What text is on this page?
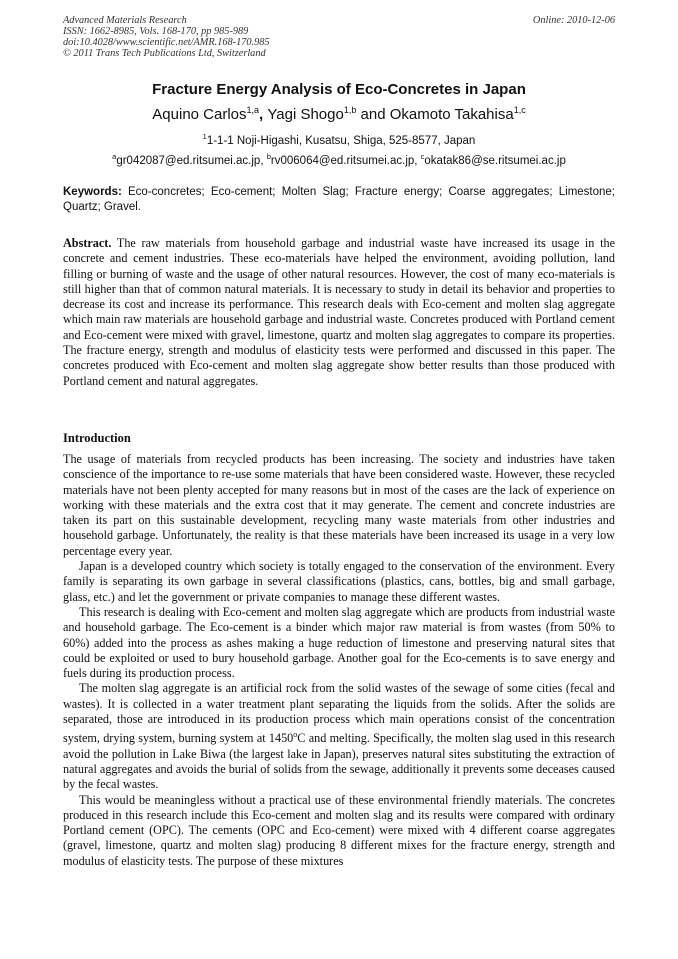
Advanced Materials Research
ISSN: 1662-8985, Vols. 168-170, pp 985-989
doi:10.4028/www.scientific.net/AMR.168-170.985
© 2011 Trans Tech Publications Ltd, Switzerland
Online: 2010-12-06
Fracture Energy Analysis of Eco-Concretes in Japan
Aquino Carlos$^{1,a}$, Yagi Shogo$^{1,b}$ and Okamoto Takahisa$^{1,c}$
$^1$1-1-1 Noji-Higashi, Kusatsu, Shiga, 525-8577, Japan
$^a$gr042087@ed.ritsumei.ac.jp, $^b$rv006064@ed.ritsumei.ac.jp, $^c$okatak86@se.ritsumei.ac.jp
Keywords: Eco-concretes; Eco-cement; Molten Slag; Fracture energy; Coarse aggregates; Limestone; Quartz; Gravel.

Abstract. The raw materials from household garbage and industrial waste have increased its usage in the concrete and cement industries. These eco-materials have helped the environment, avoiding pollution, land filling or burning of waste and the usage of other natural resources. However, the cost of many eco-materials is still higher than that of common natural materials. It is necessary to study in detail its behavior and properties to decrease its cost and increase its performance. This research deals with Eco-cement and molten slag aggregate which main raw materials are household garbage and industrial waste. Concretes produced with Portland cement and Eco-cement were mixed with gravel, limestone, quartz and molten slag aggregates to compare its properties. The fracture energy, strength and modulus of elasticity tests were performed and discussed in this paper. The concretes produced with Eco-cement and molten slag aggregate show better results than those produced with Portland cement and natural aggregates.

Introduction

The usage of materials from recycled products has been increasing. The society and industries have taken conscience of the importance to re-use some materials that have been considered waste. However, these recycled materials have not been plenty accepted for many reasons but in most of the cases are the lack of experience on working with these materials and the extra cost that it may generate. The cement and concrete industries are taken its part on this sustainable development, recycling many waste materials from other industries and household garbage. Unfortunately, the reality is that these materials have been increased its usage in a very low percentage every year.

Japan is a developed country which society is totally engaged to the conservation of the environment. Every family is separating its own garbage in several classifications (plastics, cans, bottles, big and small garbage, glass, etc.) and let the government or private companies to manage these different wastes.

This research is dealing with Eco-cement and molten slag aggregate which are products from industrial waste and household garbage. The Eco-cement is a binder which major raw material is from wastes (from 50% to 60%) added into the process as ashes making a huge reduction of limestone and preserving natural sites that could be exploited or used to bury household garbage. Another goal for the Eco-cements is to save energy and fuels during its production process.

The molten slag aggregate is an artificial rock from the solid wastes of the sewage of some cities (fecal and wastes). It is collected in a water treatment plant separating the liquids from the solids. After the solids are separated, those are introduced in its production process which main operations consist of the concentration system, drying system, burning system at 1450$^o$C and melting. Specifically, the molten slag used in this research avoid the pollution in Lake Biwa (the largest lake in Japan), preserves natural sites substituting the extraction of natural aggregates and avoids the burial of solids from the sewage, additionally it prevents some deceases caused by the fecal wastes.

This would be meaningless without a practical use of these environmental friendly materials. The concretes produced in this research include this Eco-cement and molten slag and its results were compared with ordinary Portland cement (OPC). The cements (OPC and Eco-cement) were mixed with 4 different coarse aggregates (gravel, limestone, quartz and molten slag) producing 8 different mixes for the fracture energy, strength and modulus of elasticity tests. The purpose of these mixtures
